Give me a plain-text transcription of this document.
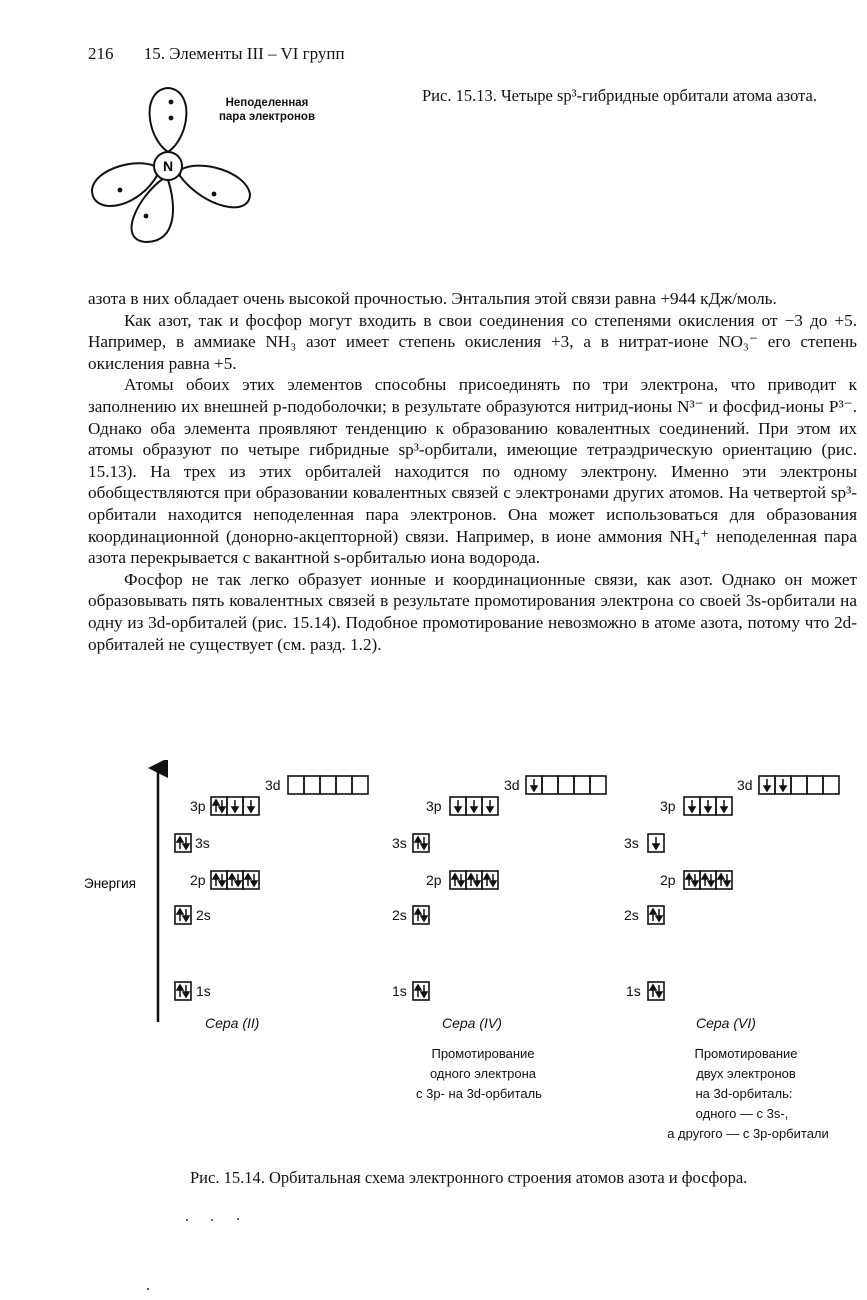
216 15. Элементы III – VI групп
N
Неподеленная
пара электронов
Рис. 15.13. Четыре sp³-гибридные орбитали атома азота.

азота в них обладает очень высокой прочностью. Энтальпия этой связи равна +944 кДж/моль.

Как азот, так и фосфор могут входить в свои соединения со степенями окисления от −3 до +5. Например, в аммиаке NH₃ азот имеет степень окисления +3, а в нитрат-ионе NO₃⁻ его степень окисления равна +5.

Атомы обоих этих элементов способны присоединять по три электрона, что приводит к заполнению их внешней p-подоболочки; в результате образуются нитрид-ионы N³⁻ и фосфид-ионы P³⁻. Однако оба элемента проявляют тенденцию к образованию ковалентных соединений. При этом их атомы образуют по четыре гибридные sp³-орбитали, имеющие тетраэдрическую ориентацию (рис. 15.13). На трех из этих орбиталей находится по одному электрону. Именно эти электроны обобществляются при образовании ковалентных связей с электронами других атомов. На четвертой sp³-орбитали находится неподеленная пара электронов. Она может использоваться для образования координационной (донорно-акцепторной) связи. Например, в ионе аммония NH₄⁺ неподеленная пара азота перекрывается с вакантной s-орбиталью иона водорода.

Фосфор не так легко образует ионные и координационные связи, как азот. Однако он может образовывать пять ковалентных связей в результате промотирования электрона со своей 3s-орбитали на одну из 3d-орбиталей (рис. 15.14). Подобное промотирование невозможно в атоме азота, потому что 2d-орбиталей не существует (см. разд. 1.2).

Энергия
3d
3p
3s
2p
2s
1s
3d
3p
3s
2p
2s
1s
3d
3p
3s
2p
2s
1s
Сера (II)	Сера (IV)	Сера (VI)
Промотирование
одного электрона
с 3р- на 3d-орбиталь
Промотирование
двух электронов
на 3d-орбиталь:
одного — с 3s-,
а другого — с 3р-орбитали
Рис. 15.14. Орбитальная схема электронного строения атомов азота и фосфора.
